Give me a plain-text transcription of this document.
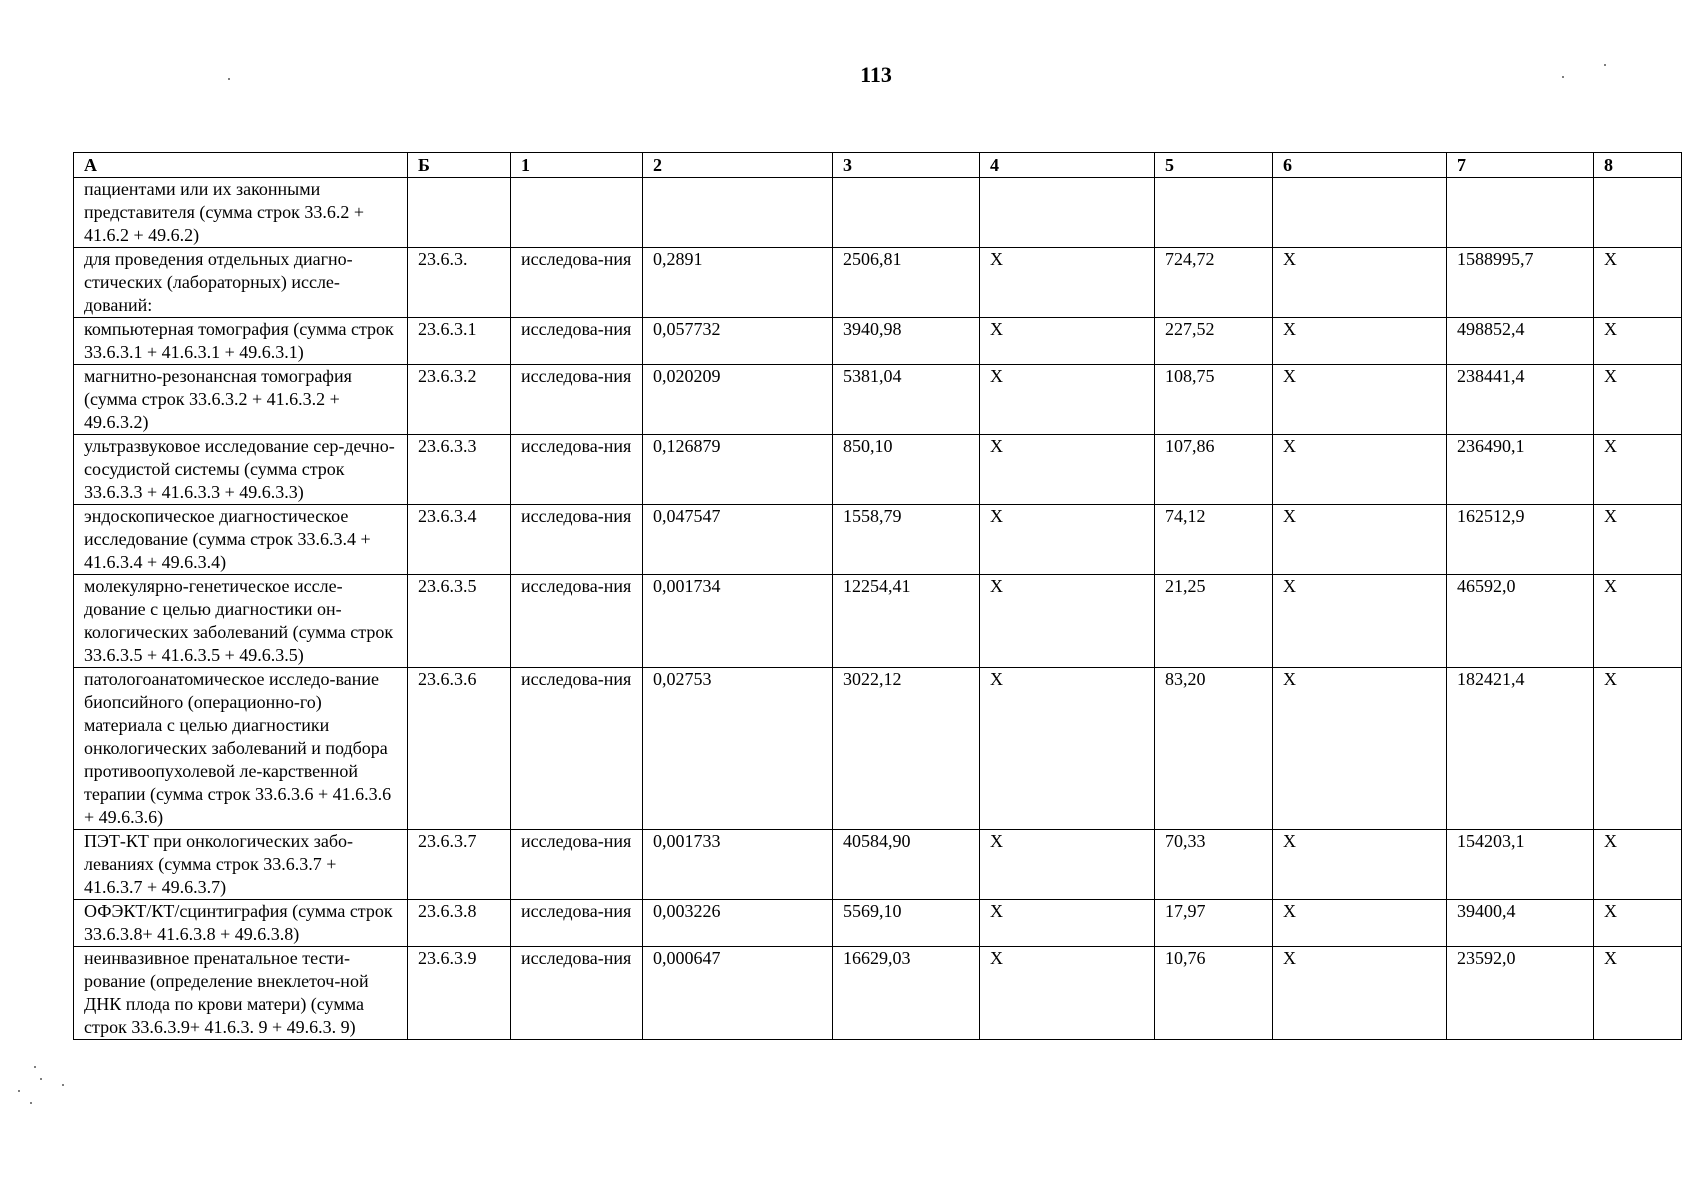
113
А	Б	1	2	3	4	5	6	7	8
пациентами или их законными представителя (сумма строк 33.6.2 + 41.6.2 + 49.6.2)									
для проведения отдельных диагно-стических (лабораторных) иссле-дований:	23.6.3.	исследова-ния	0,2891	2506,81	Х	724,72	Х	1588995,7	Х
компьютерная томография (сумма строк 33.6.3.1 + 41.6.3.1 + 49.6.3.1)	23.6.3.1	исследова-ния	0,057732	3940,98	Х	227,52	Х	498852,4	Х
магнитно-резонансная томография (сумма строк 33.6.3.2 + 41.6.3.2 + 49.6.3.2)	23.6.3.2	исследова-ния	0,020209	5381,04	Х	108,75	Х	238441,4	Х
ультразвуковое исследование сер-дечно-сосудистой системы (сумма строк 33.6.3.3 + 41.6.3.3 + 49.6.3.3)	23.6.3.3	исследова-ния	0,126879	850,10	Х	107,86	Х	236490,1	Х
эндоскопическое диагностическое исследование (сумма строк 33.6.3.4 + 41.6.3.4 + 49.6.3.4)	23.6.3.4	исследова-ния	0,047547	1558,79	Х	74,12	Х	162512,9	Х
молекулярно-генетическое иссле-дование с целью диагностики он-кологических заболеваний (сумма строк 33.6.3.5 + 41.6.3.5 + 49.6.3.5)	23.6.3.5	исследова-ния	0,001734	12254,41	Х	21,25	Х	46592,0	Х
патологоанатомическое исследо-вание биопсийного (операционно-го) материала с целью диагностики онкологических заболеваний и подбора противоопухолевой ле-карственной терапии (сумма строк 33.6.3.6 + 41.6.3.6 + 49.6.3.6)	23.6.3.6	исследова-ния	0,02753	3022,12	Х	83,20	Х	182421,4	Х
ПЭТ-КТ при онкологических забо-леваниях (сумма строк 33.6.3.7 + 41.6.3.7 + 49.6.3.7)	23.6.3.7	исследова-ния	0,001733	40584,90	Х	70,33	Х	154203,1	Х
ОФЭКТ/КТ/сцинтиграфия (сумма строк 33.6.3.8+ 41.6.3.8 + 49.6.3.8)	23.6.3.8	исследова-ния	0,003226	5569,10	Х	17,97	Х	39400,4	Х
неинвазивное пренатальное тести-рование (определение внеклеточ-ной ДНК плода по крови матери) (сумма строк 33.6.3.9+ 41.6.3. 9 + 49.6.3. 9)	23.6.3.9	исследова-ния	0,000647	16629,03	Х	10,76	Х	23592,0	Х
